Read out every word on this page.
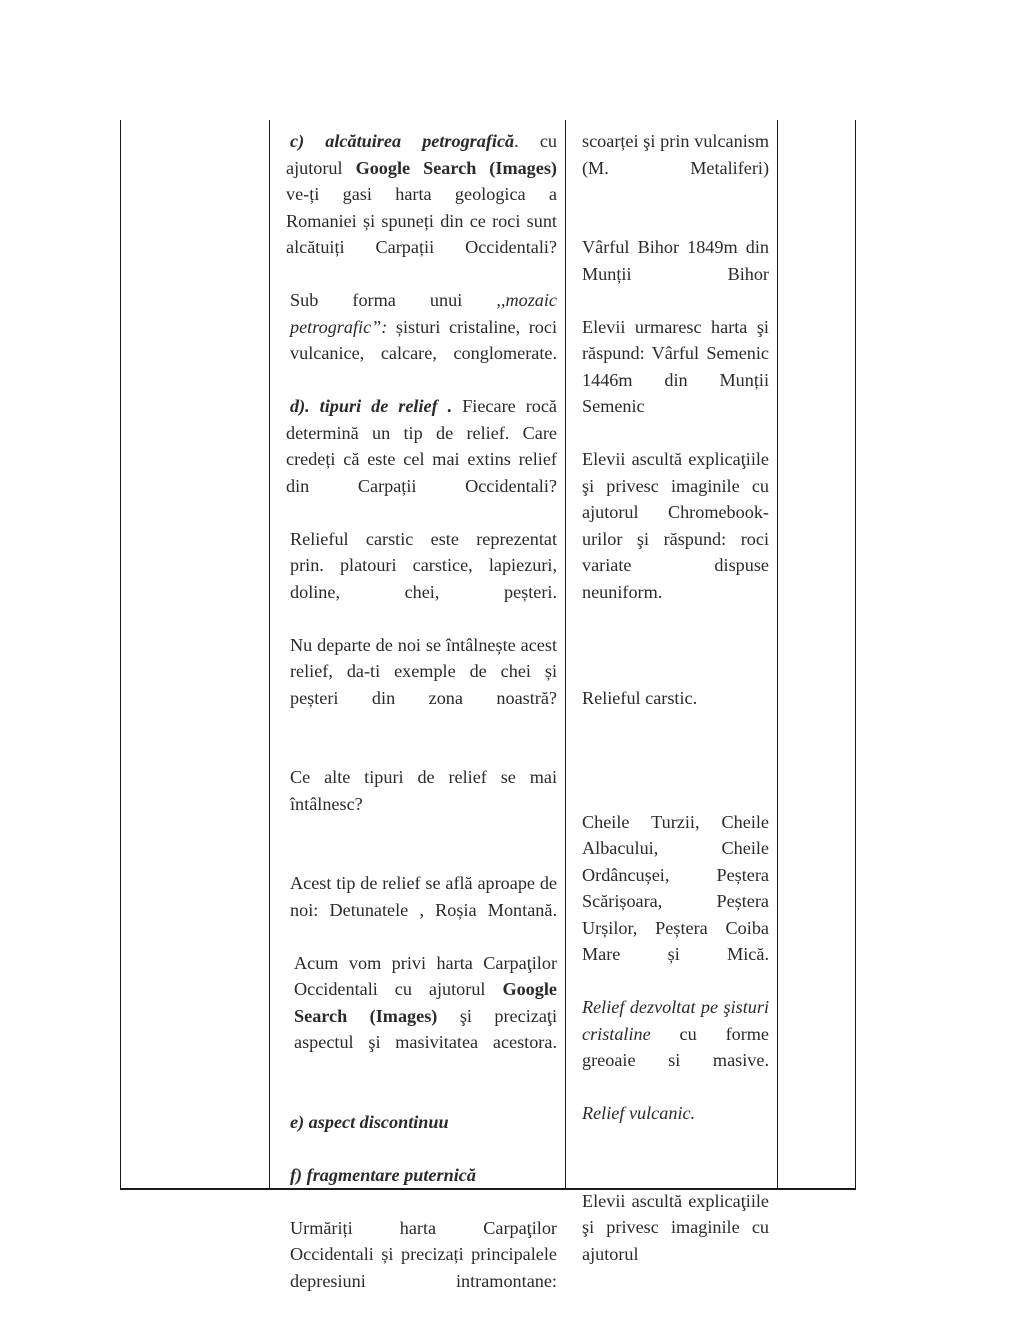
c) alcătuirea petrografică. cu ajutorul Google Search (Images) ve-ți gasi harta geologica a Romaniei și spuneți din ce roci sunt alcătuiți Carpații Occidentali?

Sub forma unui ,,mozaic petrografic”: șisturi cristaline, roci vulcanice, calcare, conglomerate.

d). tipuri de relief . Fiecare rocă determină un tip de relief. Care credeți că este cel mai extins relief din Carpații Occidentali?

Relieful carstic este reprezentat prin. platouri carstice, lapiezuri, doline, chei, peșteri.

Nu departe de noi se întâlnește acest relief, da-ti exemple de chei și peșteri din zona noastră?

Ce alte tipuri de relief se mai întâlnesc?

Acest tip de relief se află aproape de noi: Detunatele , Roșia Montană.

Acum vom privi harta Carpaţilor Occidentali cu ajutorul Google Search (Images) şi precizaţi aspectul şi masivitatea acestora.

e) aspect discontinuu

f) fragmentare puternică

Urmăriți harta Carpaţilor Occidentali și precizați principalele depresiuni intramontane:

scoarței şi prin vulcanism (M. Metaliferi)

Vârful Bihor 1849m din Munții Bihor

Elevii urmaresc harta şi răspund: Vârful Semenic 1446m din Munții Semenic

Elevii ascultă explicaţiile şi privesc imaginile cu ajutorul Chromebook-urilor şi răspund: roci variate dispuse neuniform.

Relieful carstic.

Cheile Turzii, Cheile Albacului, Cheile Ordâncușei, Peștera Scărișoara, Peștera Urșilor, Peștera Coiba Mare și Mică.

Relief dezvoltat pe şisturi cristaline cu forme greoaie si masive.

Relief vulcanic.

Elevii ascultă explicaţiile şi privesc imaginile cu ajutorul
